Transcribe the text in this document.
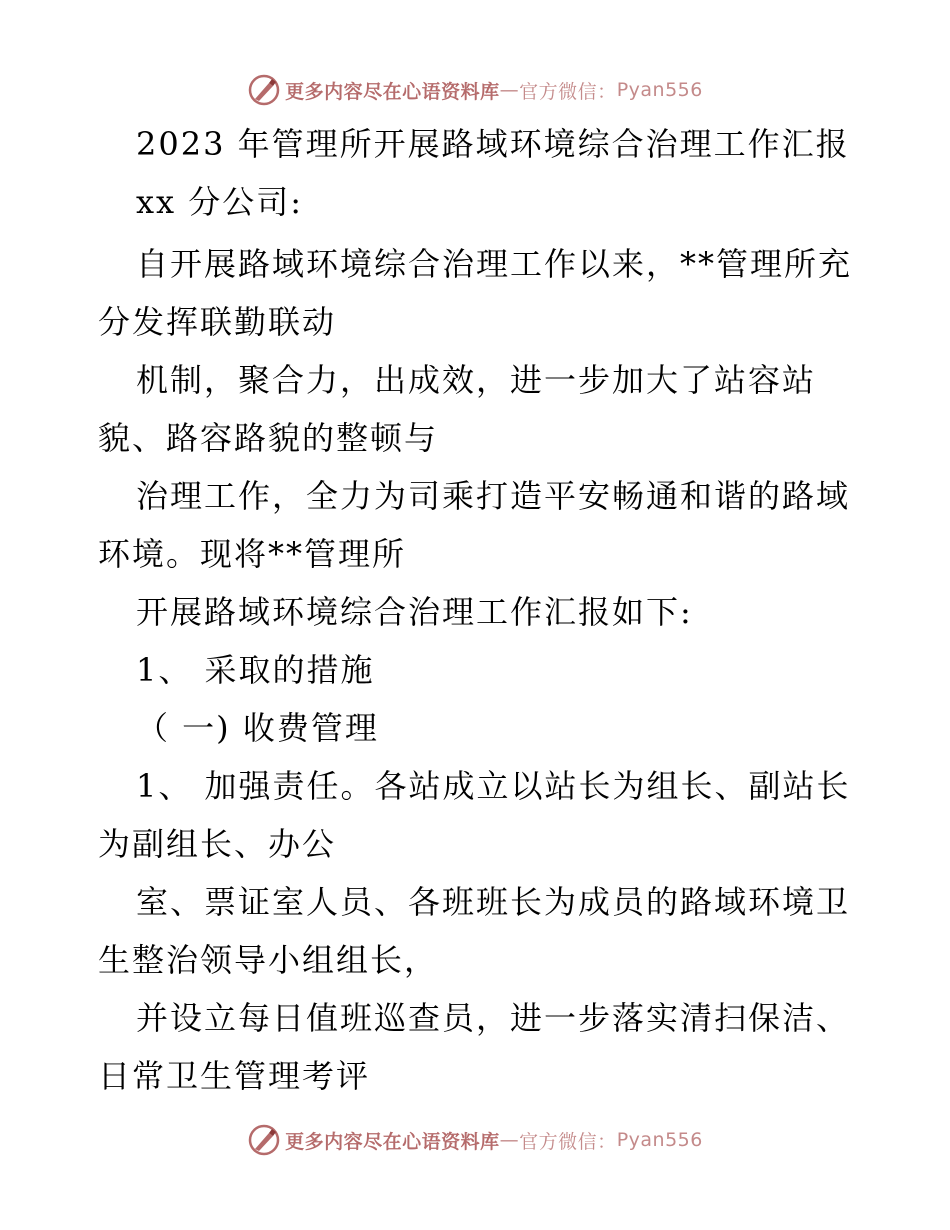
更多内容尽在心语资料库 — 官方微信： Pyan556
2023 年管理所开展路域环境综合治理工作汇报
xx 分公司:
自开展路域环境综合治理工作以来，**管理所充
分发挥联勤联动
机制，聚合力，出成效，进一步加大了站容站
貌、路容路貌的整顿与
治理工作，全力为司乘打造平安畅通和谐的路域
环境。现将**管理所
开展路域环境综合治理工作汇报如下:
1、 采取的措施
（ 一) 收费管理
1、 加强责任。各站成立以站长为组长、副站长
为副组长、办公
室、票证室人员、各班班长为成员的路域环境卫
生整治领导小组组长，
并设立每日值班巡查员，进一步落实清扫保洁、
日常卫生管理考评
更多内容尽在心语资料库 — 官方微信： Pyan556
